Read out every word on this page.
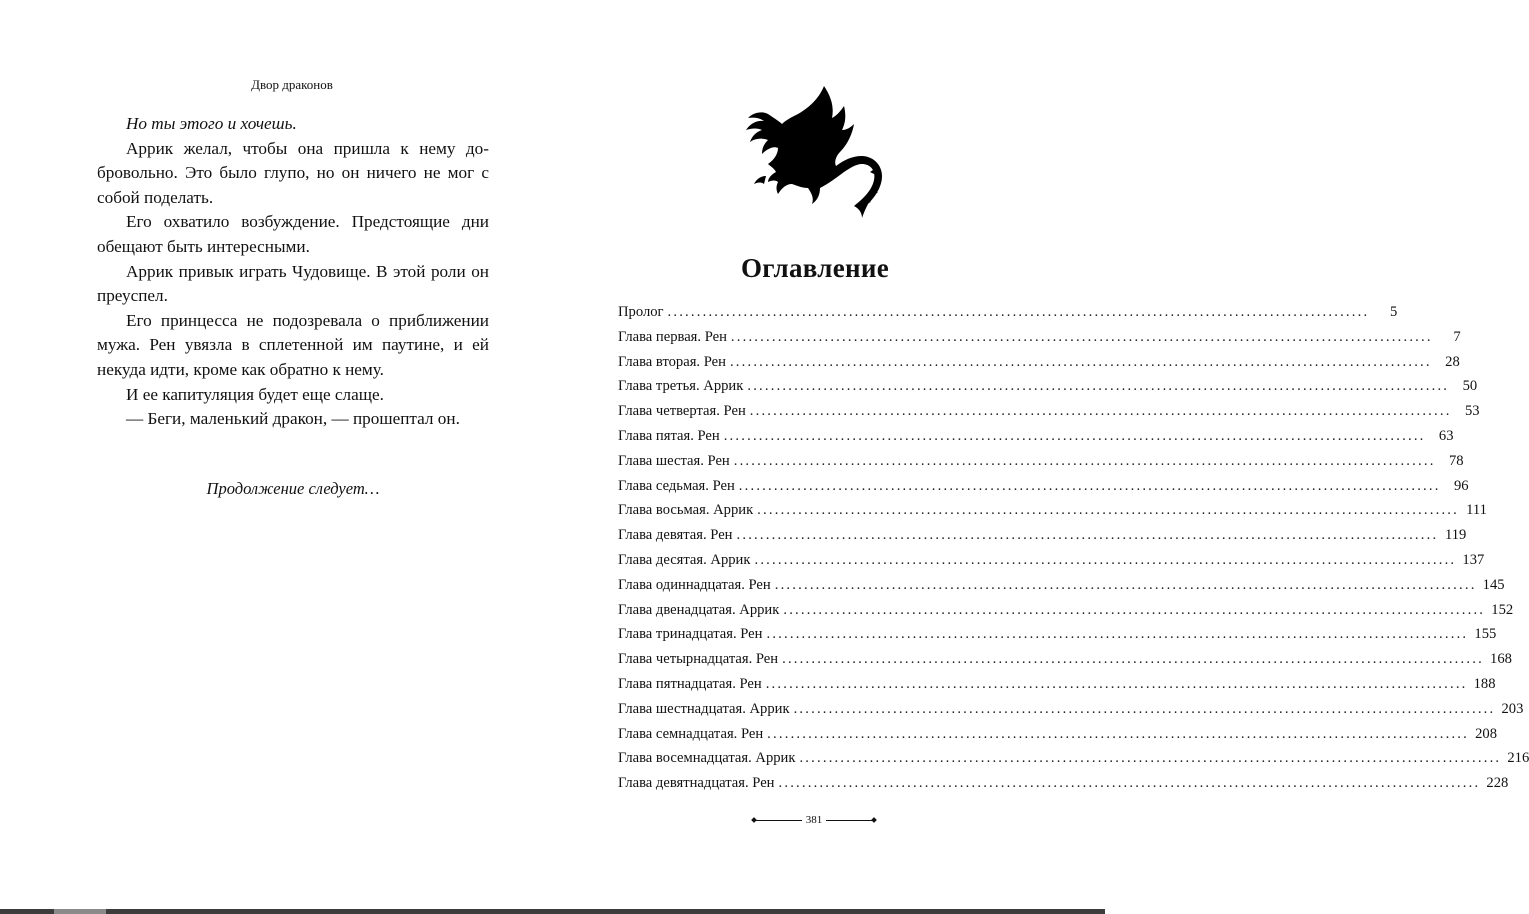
Двор драконов

Но ты этого и хочешь.

Аррик желал, чтобы она пришла к нему добровольно. Это было глупо, но он ничего не мог с собой поделать.

Его охватило возбуждение. Предстоящие дни обещают быть интересными.

Аррик привык играть Чудовище. В этой роли он преуспел.

Его принцесса не подозревала о приближении мужа. Рен увязла в сплетенной им паутине, и ей некуда идти, кроме как обратно к нему.

И ее капитуляция будет еще слаще.

— Беги, маленький дракон, — прошептал он.

Продолжение следует…
Оглавление
Пролог ........................................................................................................................	5
Глава первая. Рен ........................................................................................................................	7
Глава вторая. Рен ........................................................................................................................ 28
Глава третья. Аррик ........................................................................................................................ 50
Глава четвертая. Рен ........................................................................................................................ 53
Глава пятая. Рен ........................................................................................................................ 63
Глава шестая. Рен ........................................................................................................................ 78
Глава седьмая. Рен ........................................................................................................................ 96
Глава восьмая. Аррик ........................................................................................................................ 111
Глава девятая. Рен ........................................................................................................................ 119
Глава десятая. Аррик ........................................................................................................................ 137
Глава одиннадцатая. Рен ........................................................................................................................ 145
Глава двенадцатая. Аррик ........................................................................................................................ 152
Глава тринадцатая. Рен ........................................................................................................................ 155
Глава четырнадцатая. Рен ........................................................................................................................ 168
Глава пятнадцатая. Рен ........................................................................................................................ 188
Глава шестнадцатая. Аррик ........................................................................................................................ 203
Глава семнадцатая. Рен ........................................................................................................................ 208
Глава восемнадцатая. Аррик ........................................................................................................................ 216
Глава девятнадцатая. Рен ........................................................................................................................ 228
381
